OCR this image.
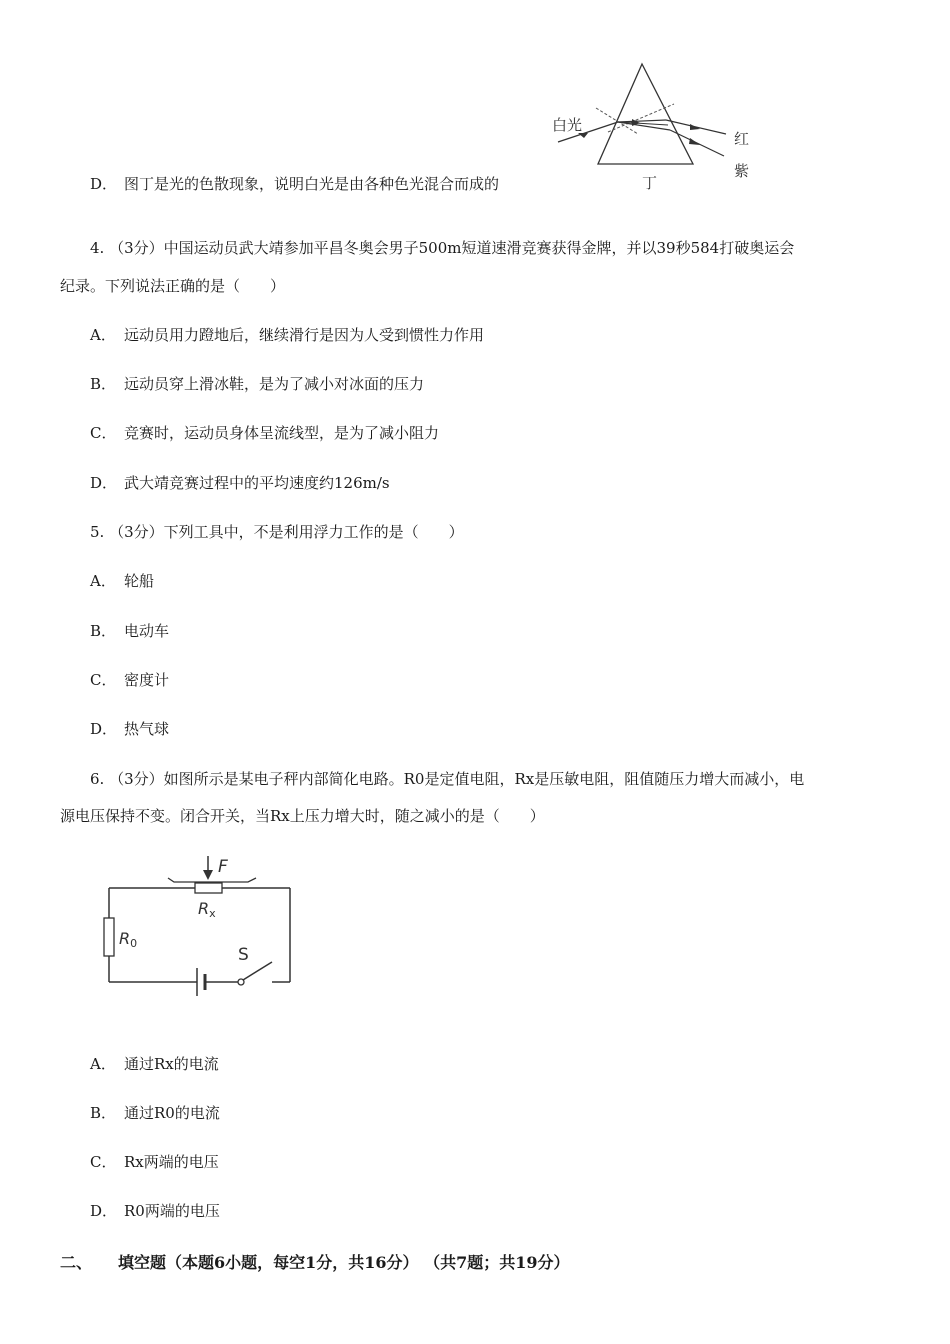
白光
红
紫
丁
D． 图丁是光的色散现象，说明白光是由各种色光混合而成的
4. （3分）中国运动员武大靖参加平昌冬奥会男子500m短道速滑竞赛获得金牌，并以39秒584打破奥运会
纪录。下列说法正确的是（　　）
A． 远动员用力蹬地后，继续滑行是因为人受到惯性力作用
B． 远动员穿上滑冰鞋，是为了减小对冰面的压力
C． 竞赛时，运动员身体呈流线型，是为了减小阻力
D． 武大靖竞赛过程中的平均速度约126m/s
5. （3分）下列工具中，不是利用浮力工作的是（　　）
A． 轮船
B． 电动车
C． 密度计
D． 热气球
6. （3分）如图所示是某电子秤内部简化电路。R0是定值电阻，Rx是压敏电阻，阻值随压力增大而减小，电
源电压保持不变。闭合开关，当Rx上压力增大时，随之减小的是（　　）
F
Rx
R0
S
A． 通过Rx的电流
B． 通过R0的电流
C． Rx两端的电压
D． R0两端的电压
二、 填空题（本题6小题，每空1分，共16分） （共7题；共19分）
